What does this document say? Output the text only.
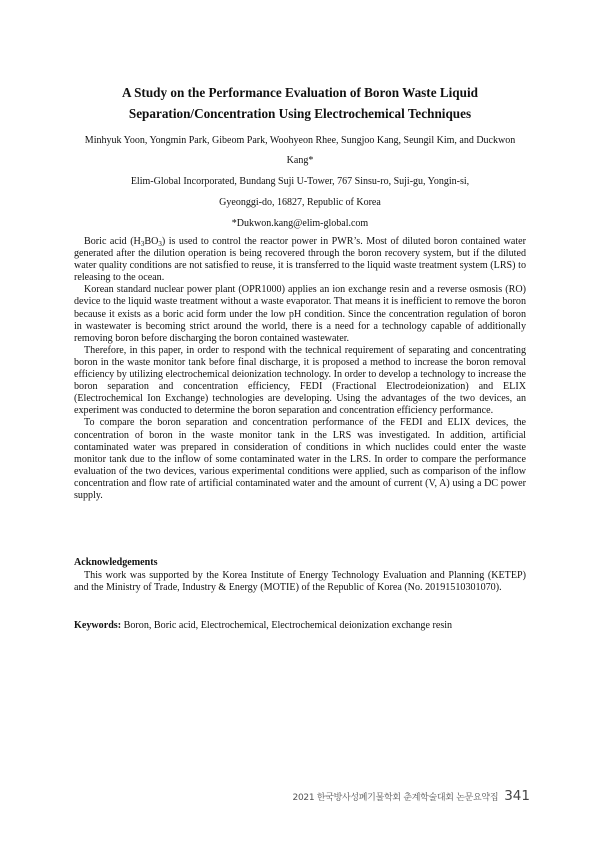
A Study on the Performance Evaluation of Boron Waste Liquid
Separation/Concentration Using Electrochemical Techniques
Minhyuk Yoon, Yongmin Park, Gibeom Park, Woohyeon Rhee, Sungjoo Kang, Seungil Kim, and Duckwon Kang*
Elim-Global Incorporated, Bundang Suji U-Tower, 767 Sinsu-ro, Suji-gu, Yongin-si,
Gyeonggi-do, 16827, Republic of Korea
*Dukwon.kang@elim-global.com

Boric acid $(H_3BO_3)$ is used to control the reactor power in PWR’s. Most of diluted boron contained water generated after the dilution operation is being recovered through the boron recovery system, but if the diluted water quality conditions are not satisfied to reuse, it is transferred to the liquid waste treatment system (LRS) to releasing to the ocean.

Korean standard nuclear power plant (OPR1000) applies an ion exchange resin and a reverse osmosis (RO) device to the liquid waste treatment without a waste evaporator. That means it is inefficient to remove the boron because it exists as a boric acid form under the low pH condition. Since the concentration regulation of boron in wastewater is becoming strict around the world, there is a need for a technology capable of additionally removing boron before discharging the boron contained wastewater.

Therefore, in this paper, in order to respond with the technical requirement of separating and concentrating boron in the waste monitor tank before final discharge, it is proposed a method to increase the boron removal efficiency by utilizing electrochemical deionization technology. In order to develop a technology to increase the boron separation and concentration efficiency, FEDI (Fractional Electrodeionization) and ELIX (Electrochemical Ion Exchange) technologies are developing. Using the advantages of the two devices, an experiment was conducted to determine the boron separation and concentration efficiency performance.

To compare the boron separation and concentration performance of the FEDI and ELIX devices, the concentration of boron in the waste monitor tank in the LRS was investigated. In addition, artificial contaminated water was prepared in consideration of conditions in which nuclides could enter the waste monitor tank due to the inflow of some contaminated water in the LRS. In order to compare the performance evaluation of the two devices, various experimental conditions were applied, such as comparison of the inflow concentration and flow rate of artificial contaminated water and the amount of current (V, A) using a DC power supply.

Acknowledgements

This work was supported by the Korea Institute of Energy Technology Evaluation and Planning (KETEP) and the Ministry of Trade, Industry & Energy (MOTIE) of the Republic of Korea (No. 20191510301070).

Keywords: Boron, Boric acid, Electrochemical, Electrochemical deionization exchange resin
2021 한국방사성폐기물학회 춘계학술대회 논문요약집 341
